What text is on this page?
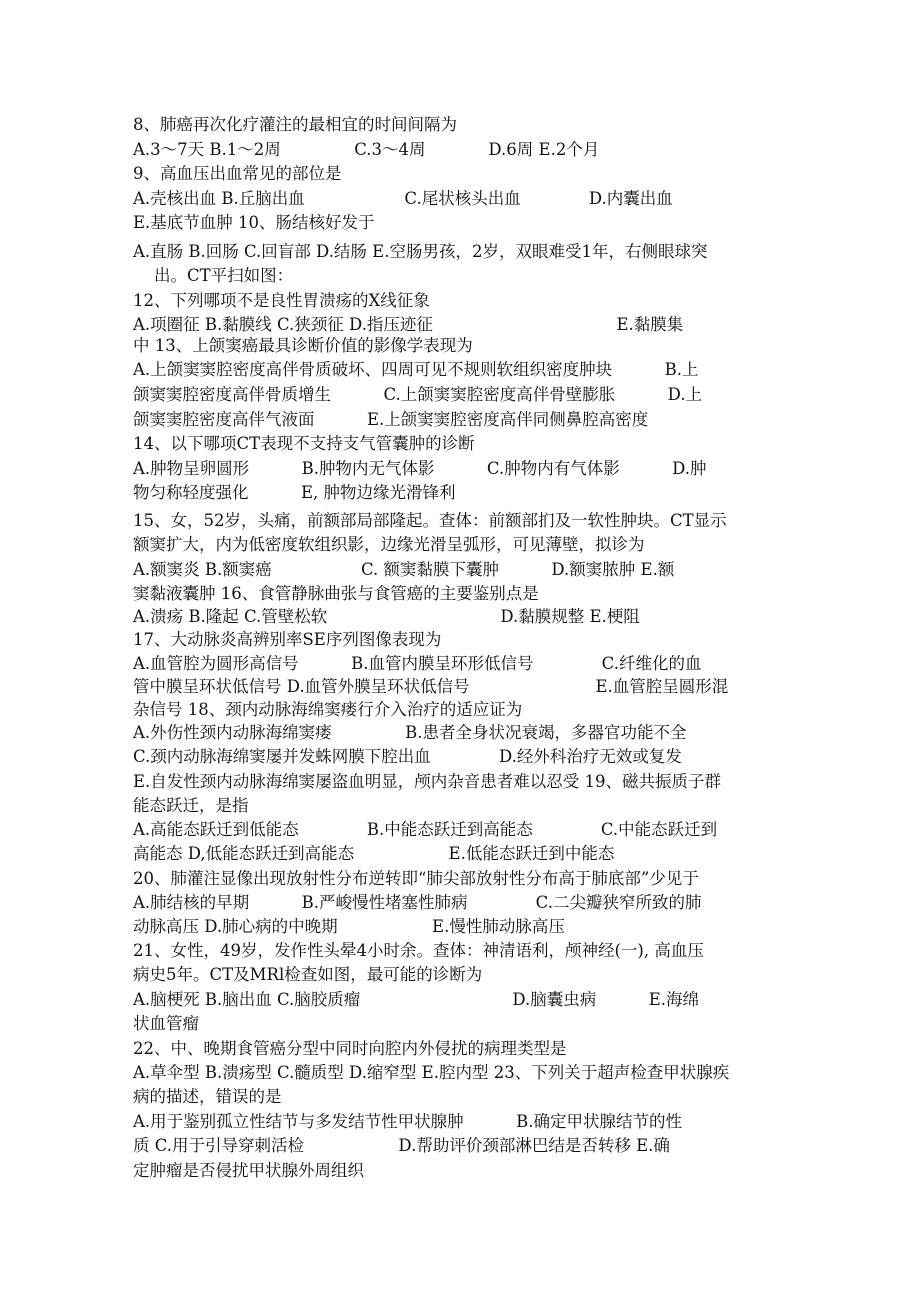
8、肺癌再次化疗灌注的最相宜的时间间隔为
A.3～7天 B.1～2周              C.3～4周            D.6周 E.2个月
9、高血压出血常见的部位是
A.壳核出血 B.丘脑出血                   C.尾状核头出血             D.内囊出血
E.基底节血肿 10、肠结核好发于
A.直肠 B.回肠 C.回盲部 D.结肠 E.空肠男孩，2岁，双眼难受1年，右侧眼球突
出。CT平扫如图：
12、下列哪项不是良性胃溃疡的X线征象
A.项圈征 B.黏膜线 C.狭颈征 D.指压迹征                                   E.黏膜集
中 13、上颌窦癌最具诊断价值的影像学表现为
A.上颌窦窦腔密度高伴骨质破坏、四周可见不规则软组织密度肿块          B.上
颌窦窦腔密度高伴骨质增生          C.上颌窦窦腔密度高伴骨壁膨胀          D.上
颌窦窦腔密度高伴气液面          E.上颌窦窦腔密度高伴同侧鼻腔高密度
14、以下哪项CT表现不支持支气管囊肿的诊断
A.肿物呈卵圆形          B.肿物内无气体影          C.肿物内有气体影          D.肿
物匀称轻度强化          E, 肿物边缘光滑锋利
15、女，52岁，头痛，前额部局部隆起。查体：前额部扪及一软性肿块。CT显示
额窦扩大，内为低密度软组织影，边缘光滑呈弧形，可见薄壁，拟诊为
A.额窦炎 B.额窦癌                 C. 额窦黏膜下囊肿          D.额窦脓肿 E.额
窦黏液囊肿 16、食管静脉曲张与食管癌的主要鉴别点是
A.溃疡 B.隆起 C.管壁松软                                 D.黏膜规整 E.梗阻
17、大动脉炎高辨别率SE序列图像表现为
A.血管腔为圆形高信号          B.血管内膜呈环形低信号             C.纤维化的血
管中膜呈环状低信号 D.血管外膜呈环状低信号                        E.血管腔呈圆形混
杂信号 18、颈内动脉海绵窦瘘行介入治疗的适应证为
A.外伤性颈内动脉海绵窦瘘              B.患者全身状况衰竭，多器官功能不全
C.颈内动脉海绵窦屡并发蛛网膜下腔出血             D.经外科治疗无效或复发
E.自发性颈内动脉海绵窦屡盗血明显，颅内杂音患者难以忍受 19、磁共振质子群
能态跃迁，是指
A.高能态跃迁到低能态             B.中能态跃迁到高能态             C.中能态跃迁到
高能态 D,低能态跃迁到高能态                  E.低能态跃迁到中能态
20、肺灌注显像出现放射性分布逆转即“肺尖部放射性分布高于肺底部”少见于
A.肺结核的早期          B.严峻慢性堵塞性肺病             C.二尖瓣狭窄所致的肺
动脉高压 D.肺心病的中晚期                  E.慢性肺动脉高压
21、女性，49岁，发作性头晕4小时余。查体：神清语利，颅神经(一), 高血压
病史5年。CT及MRl检查如图，最可能的诊断为
A.脑梗死 B.脑出血 C.脑胶质瘤                             D.脑囊虫病          E.海绵
状血管瘤
22、中、晚期食管癌分型中同时向腔内外侵扰的病理类型是
A.草伞型 B.溃疡型 C.髓质型 D.缩窄型 E.腔内型 23、下列关于超声检查甲状腺疾
病的描述，错误的是
A.用于鉴别孤立性结节与多发结节性甲状腺肿          B.确定甲状腺结节的性
质 C.用于引导穿刺活检                  D.帮助评价颈部淋巴结是否转移 E.确
定肿瘤是否侵扰甲状腺外周组织
